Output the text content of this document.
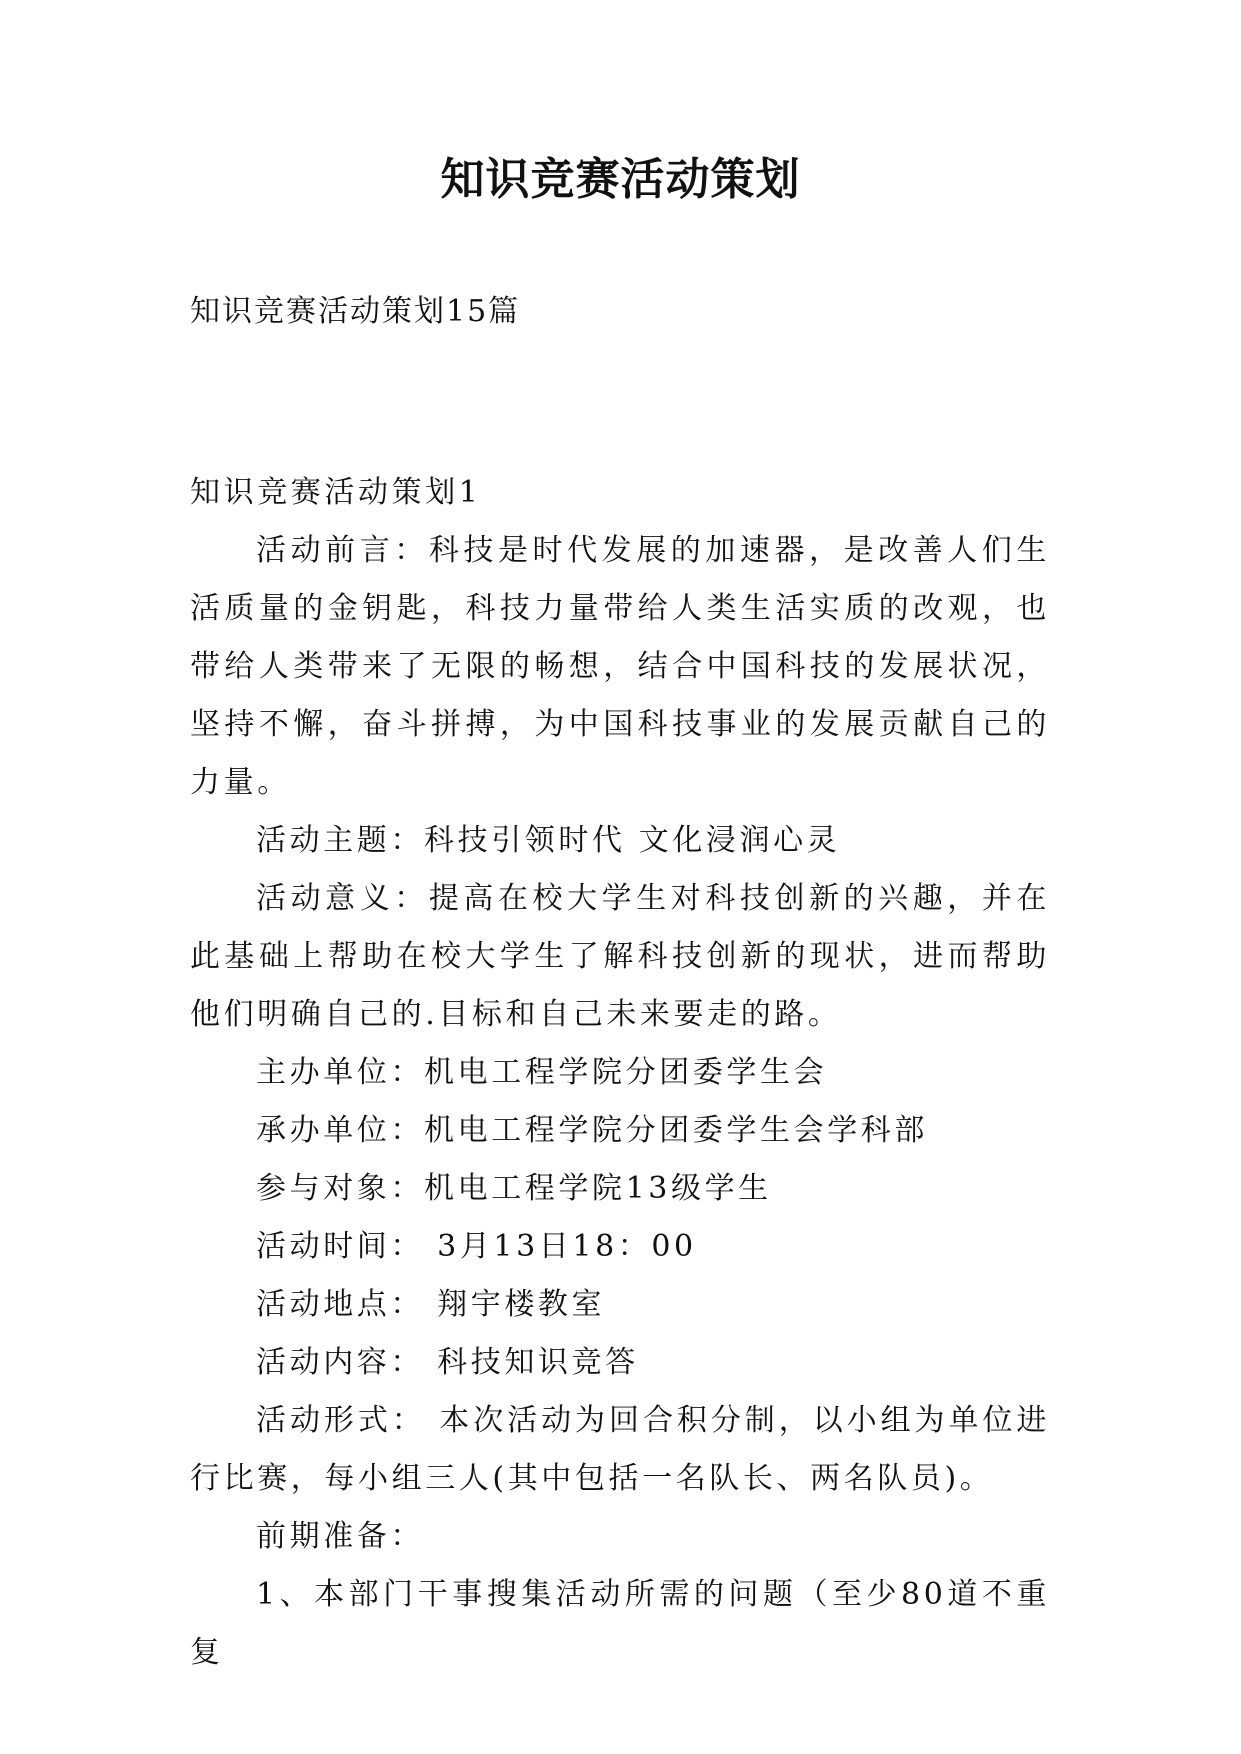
知识竞赛活动策划
知识竞赛活动策划15篇

知识竞赛活动策划1

活动前言：科技是时代发展的加速器，是改善人们生活质量的金钥匙，科技力量带给人类生活实质的改观，也带给人类带来了无限的畅想，结合中国科技的发展状况，坚持不懈，奋斗拼搏，为中国科技事业的发展贡献自己的力量。

活动主题：科技引领时代 文化浸润心灵

活动意义：提高在校大学生对科技创新的兴趣，并在此基础上帮助在校大学生了解科技创新的现状，进而帮助他们明确自己的.目标和自己未来要走的路。

主办单位：机电工程学院分团委学生会

承办单位：机电工程学院分团委学生会学科部

参与对象：机电工程学院13级学生

活动时间： 3月13日18：00

活动地点： 翔宇楼教室

活动内容： 科技知识竞答

活动形式： 本次活动为回合积分制，以小组为单位进行比赛，每小组三人(其中包括一名队长、两名队员)。

前期准备：

1、本部门干事搜集活动所需的问题（至少80道不重复
